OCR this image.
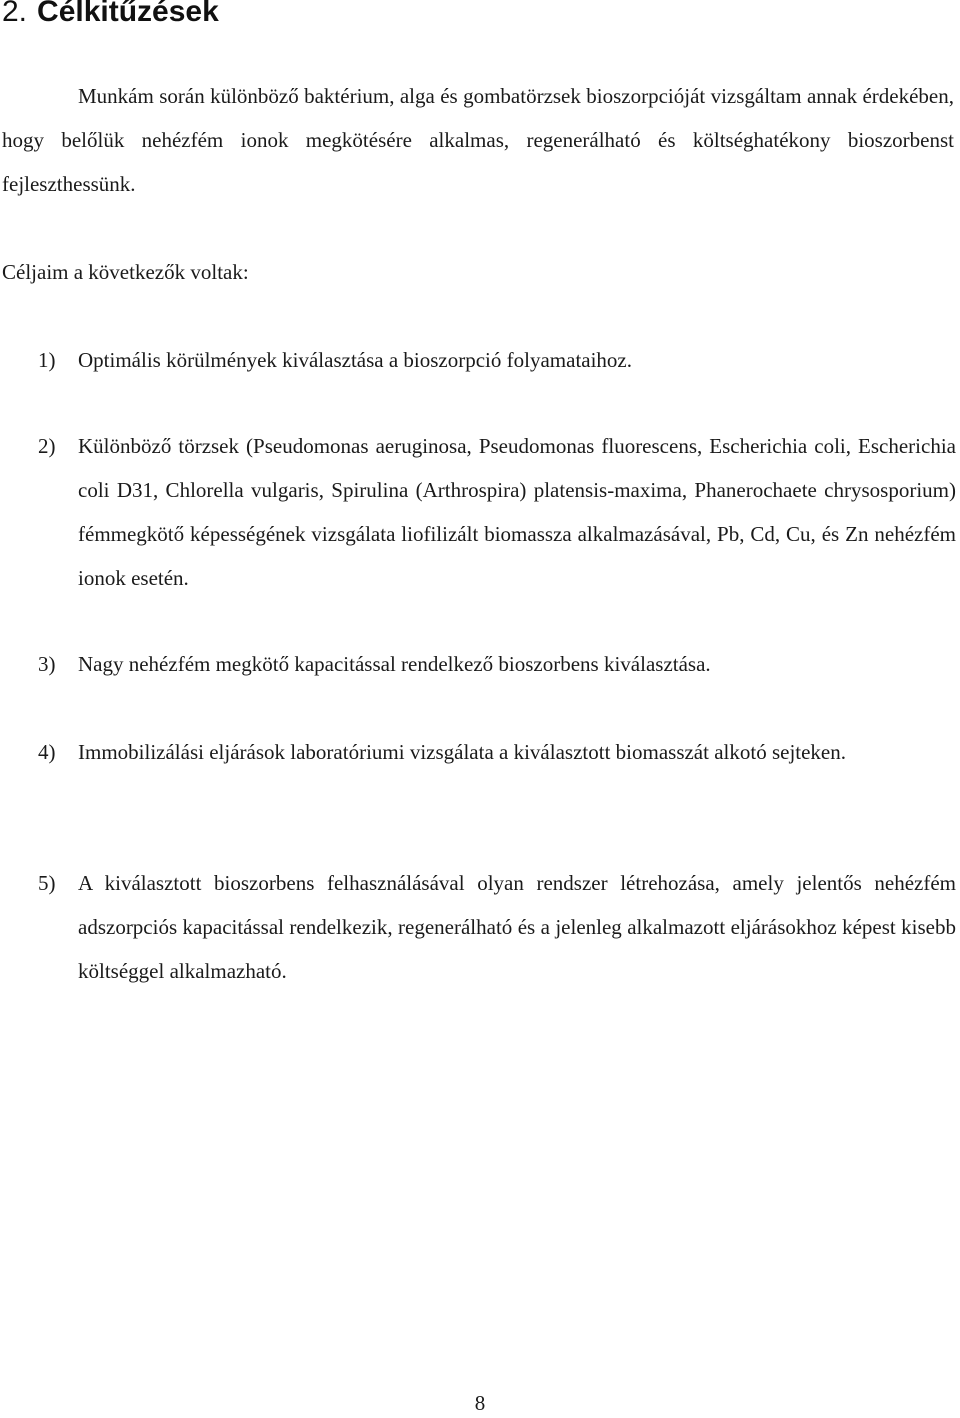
2. Célkitűzések

Munkám során különböző baktérium, alga és gombatörzsek bioszorpcióját vizsgáltam annak érdekében, hogy belőlük nehézfém ionok megkötésére alkalmas, regenerálható és költséghatékony bioszorbenst fejleszthessünk.

Céljaim a következők voltak:

1) Optimális körülmények kiválasztása a bioszorpció folyamataihoz.
2) Különböző törzsek (Pseudomonas aeruginosa, Pseudomonas fluorescens, Escherichia coli, Escherichia coli D31, Chlorella vulgaris, Spirulina (Arthrospira) platensis-maxima, Phanerochaete chrysosporium) fémmegkötő képességének vizsgálata liofilizált biomassza alkalmazásával, Pb, Cd, Cu, és Zn nehézfém ionok esetén.
3) Nagy nehézfém megkötő kapacitással rendelkező bioszorbens kiválasztása.
4) Immobilizálási eljárások laboratóriumi vizsgálata a kiválasztott biomasszát alkotó sejteken.
5) A kiválasztott bioszorbens felhasználásával olyan rendszer létrehozása, amely jelentős nehézfém adszorpciós kapacitással rendelkezik, regenerálható és a jelenleg alkalmazott eljárásokhoz képest kisebb költséggel alkalmazható.
8
